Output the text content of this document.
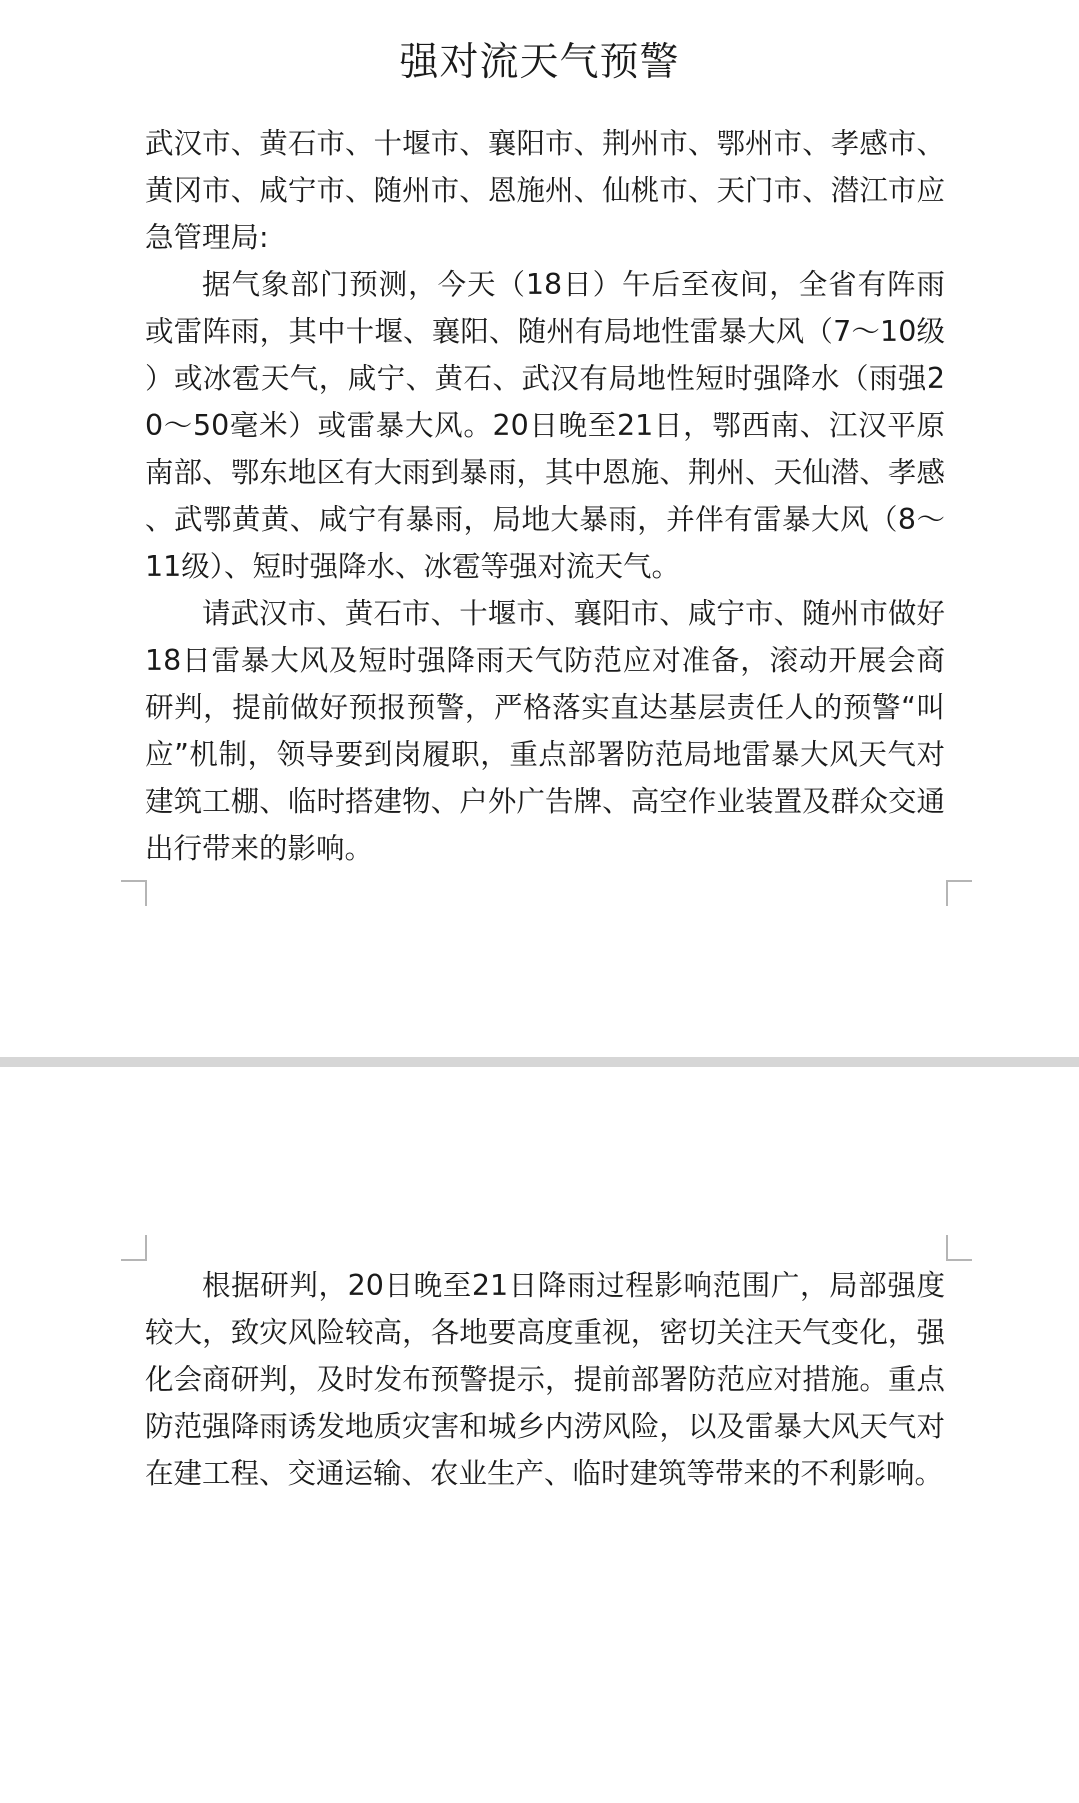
强对流天气预警

武汉市、黄石市、十堰市、襄阳市、荆州市、鄂州市、孝感市、黄冈市、咸宁市、随州市、恩施州、仙桃市、天门市、潜江市应急管理局:

据气象部门预测，今天（18日）午后至夜间，全省有阵雨或雷阵雨，其中十堰、襄阳、随州有局地性雷暴大风（7～10级）或冰雹天气，咸宁、黄石、武汉有局地性短时强降水（雨强20～50毫米）或雷暴大风。20日晚至21日，鄂西南、江汉平原南部、鄂东地区有大雨到暴雨，其中恩施、荆州、天仙潜、孝感、武鄂黄黄、咸宁有暴雨，局地大暴雨，并伴有雷暴大风（8～11级）、短时强降水、冰雹等强对流天气。

请武汉市、黄石市、十堰市、襄阳市、咸宁市、随州市做好18日雷暴大风及短时强降雨天气防范应对准备，滚动开展会商研判，提前做好预报预警，严格落实直达基层责任人的预警“叫应”机制，领导要到岗履职，重点部署防范局地雷暴大风天气对建筑工棚、临时搭建物、户外广告牌、高空作业装置及群众交通出行带来的影响。

根据研判，20日晚至21日降雨过程影响范围广，局部强度较大，致灾风险较高，各地要高度重视，密切关注天气变化，强化会商研判，及时发布预警提示，提前部署防范应对措施。重点防范强降雨诱发地质灾害和城乡内涝风险，以及雷暴大风天气对在建工程、交通运输、农业生产、临时建筑等带来的不利影响。
